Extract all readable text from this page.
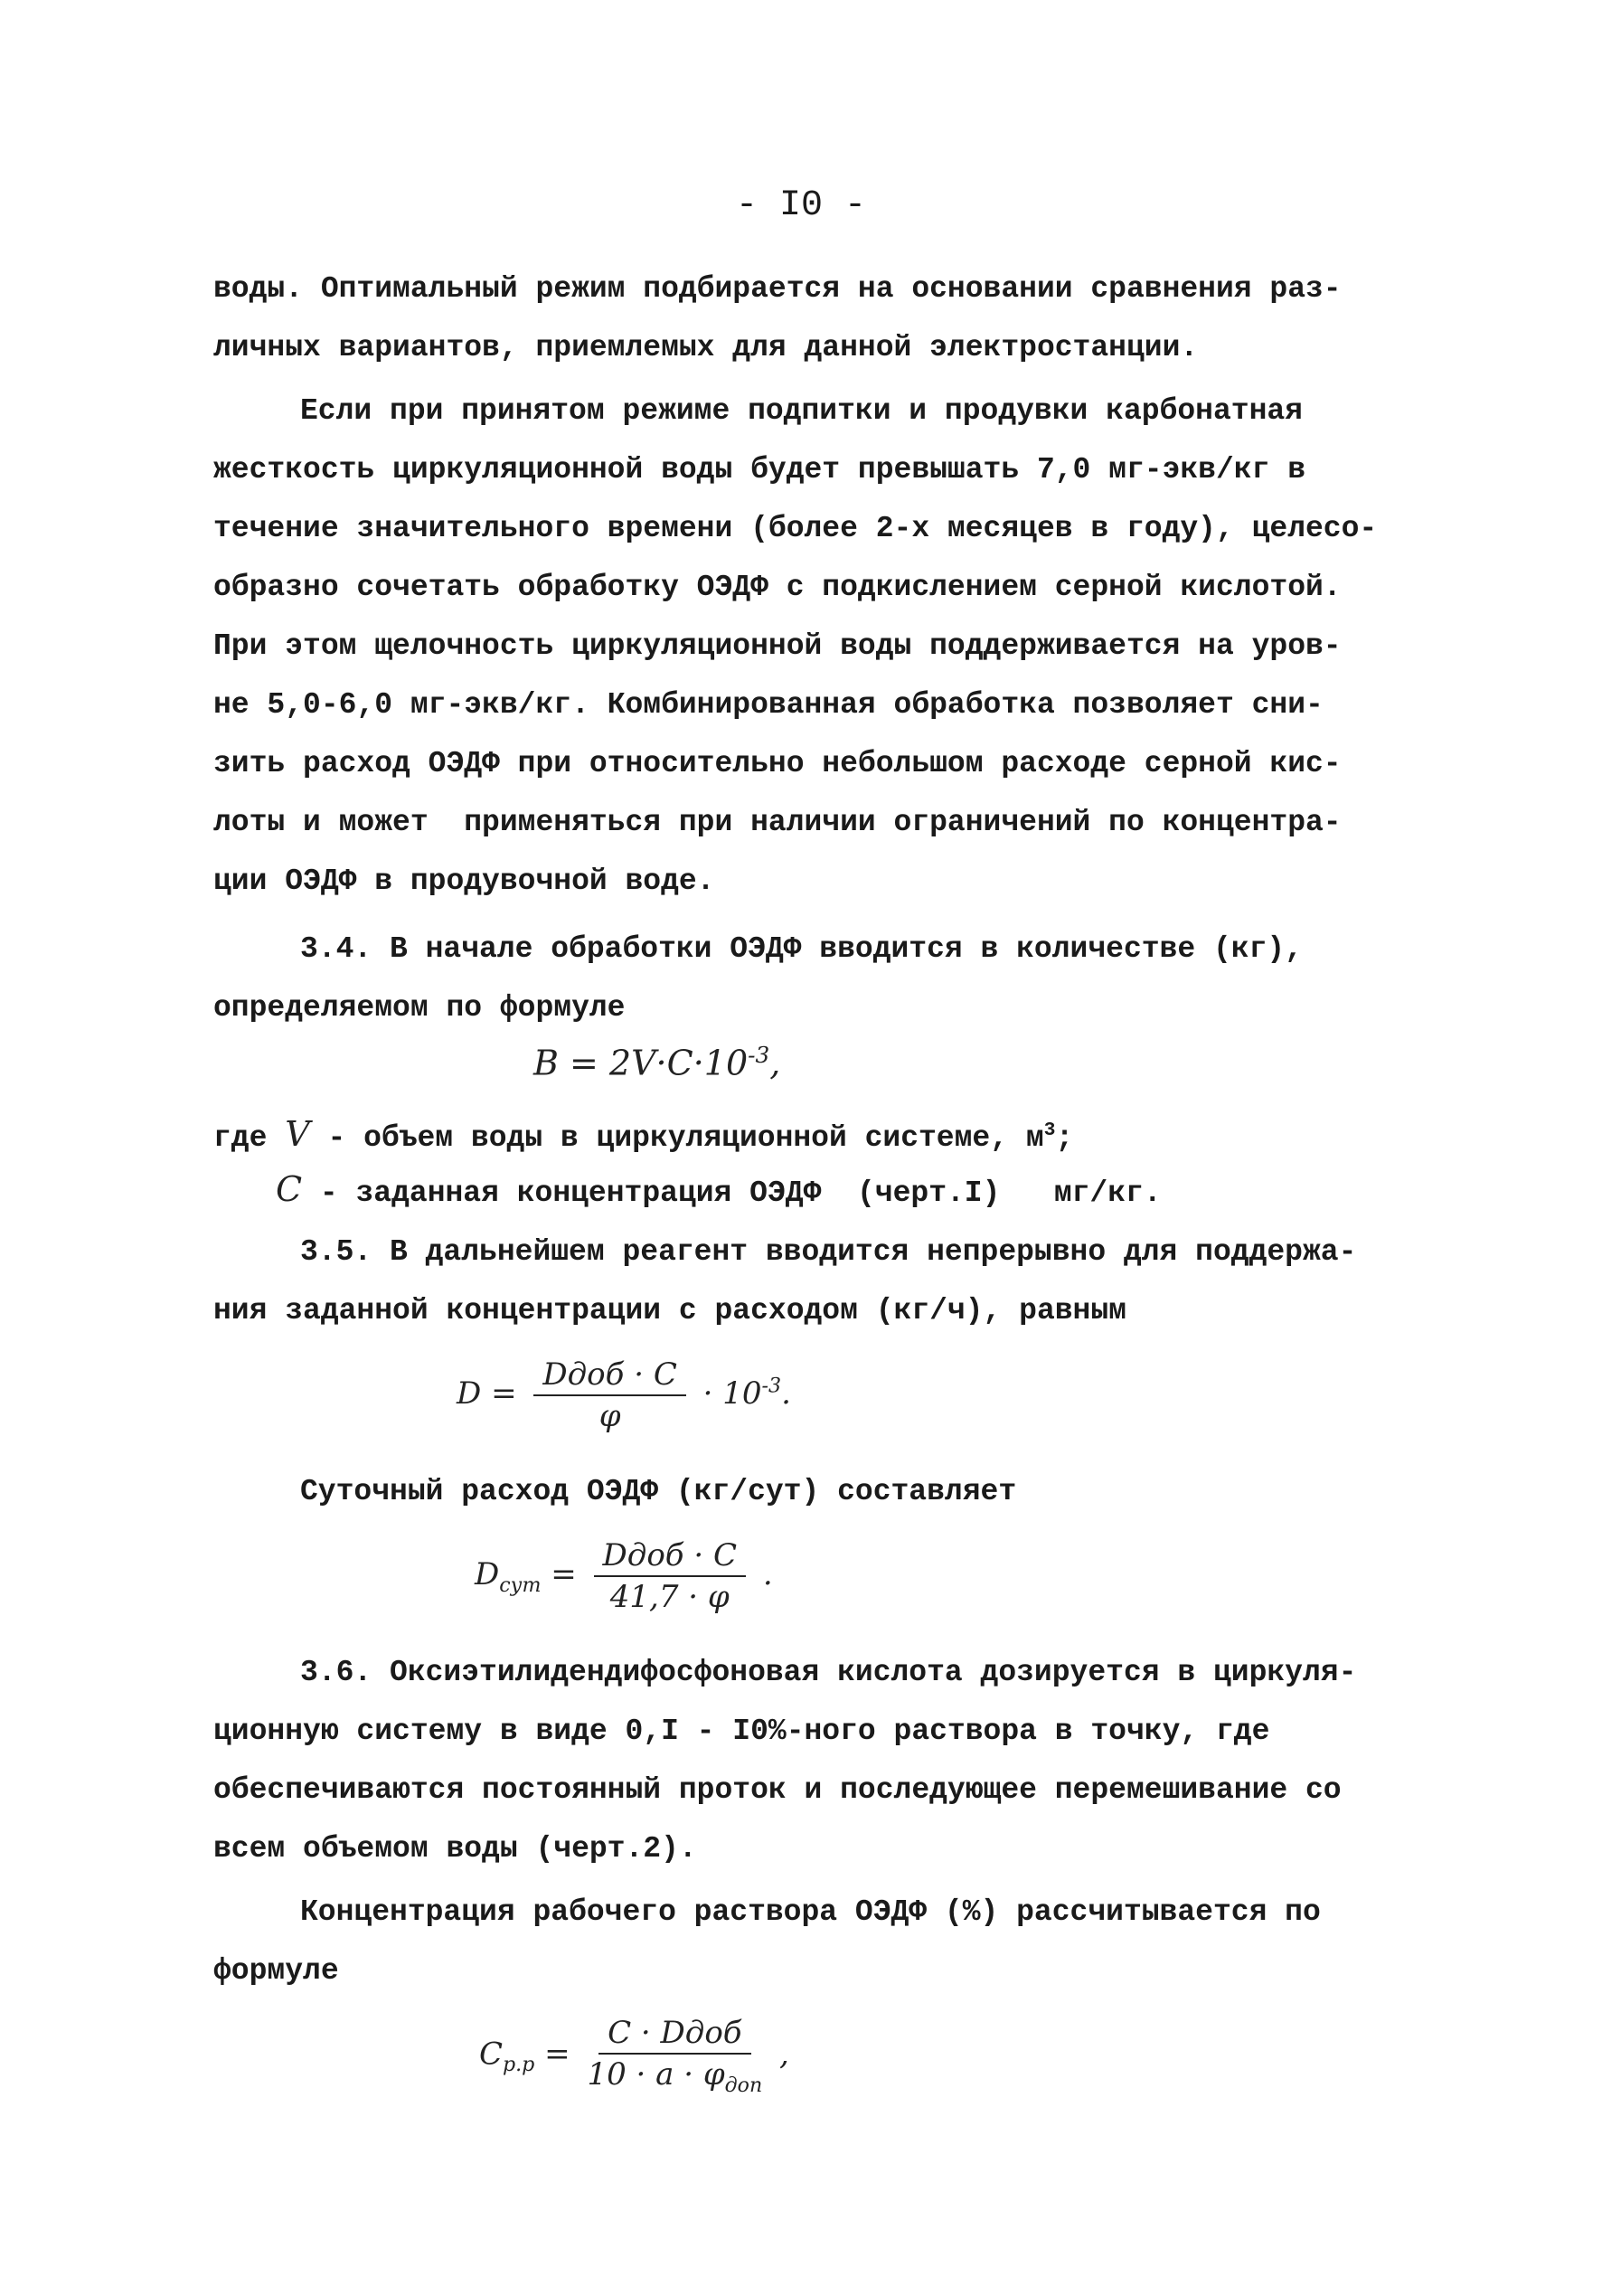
- I0 -
воды. Оптимальный режим подбирается на основании сравнения раз-
личных вариантов, приемлемых для данной электростанции.
Если при принятом режиме подпитки и продувки карбонатная
жесткость циркуляционной воды будет превышать 7,0 мг-экв/кг в
течение значительного времени (более 2-х месяцев в году), целесо-
образно сочетать обработку ОЭДФ с подкислением серной кислотой.
При этом щелочность циркуляционной воды поддерживается на уров-
не 5,0-6,0 мг-экв/кг. Комбинированная обработка позволяет сни-
зить расход ОЭДФ при относительно небольшом расходе серной кис-
лоты и может  применяться при наличии ограничений по концентра-
ции ОЭДФ в продувочной воде.
3.4. В начале обработки ОЭДФ вводится в количестве (кг),
определяемом по формуле
$B = 2V\cdot C\cdot 10^{-3}$,
где V - объем воды в циркуляционной системе, $м^3$;
C - заданная концентрация ОЭДФ  (черт.I)   мг/кг.
3.5. В дальнейшем реагент вводится непрерывно для поддержа-
ния заданной концентрации с расходом (кг/ч), равным
$D = \frac{\text{Dдоб · C}}{\varphi} \cdot 10^{-3}$.
Суточный расход ОЭДФ (кг/сут) составляет
$D_{сут} = \frac{\text{Dдоб · C}}{41,7 \cdot \varphi}$ .
3.6. Оксиэтилидендифосфоновая кислота дозируется в циркуля-
ционную систему в виде 0,I - I0%-ного раствора в точку, где
обеспечиваются постоянный проток и последующее перемешивание со
всем объемом воды (черт.2).
Концентрация рабочего раствора ОЭДФ (%) рассчитывается по
формуле
$C_{р.р} = \frac{\text{C · Dдоб}}{10 \cdot a \cdot \varphi_{доп}}$ ,
